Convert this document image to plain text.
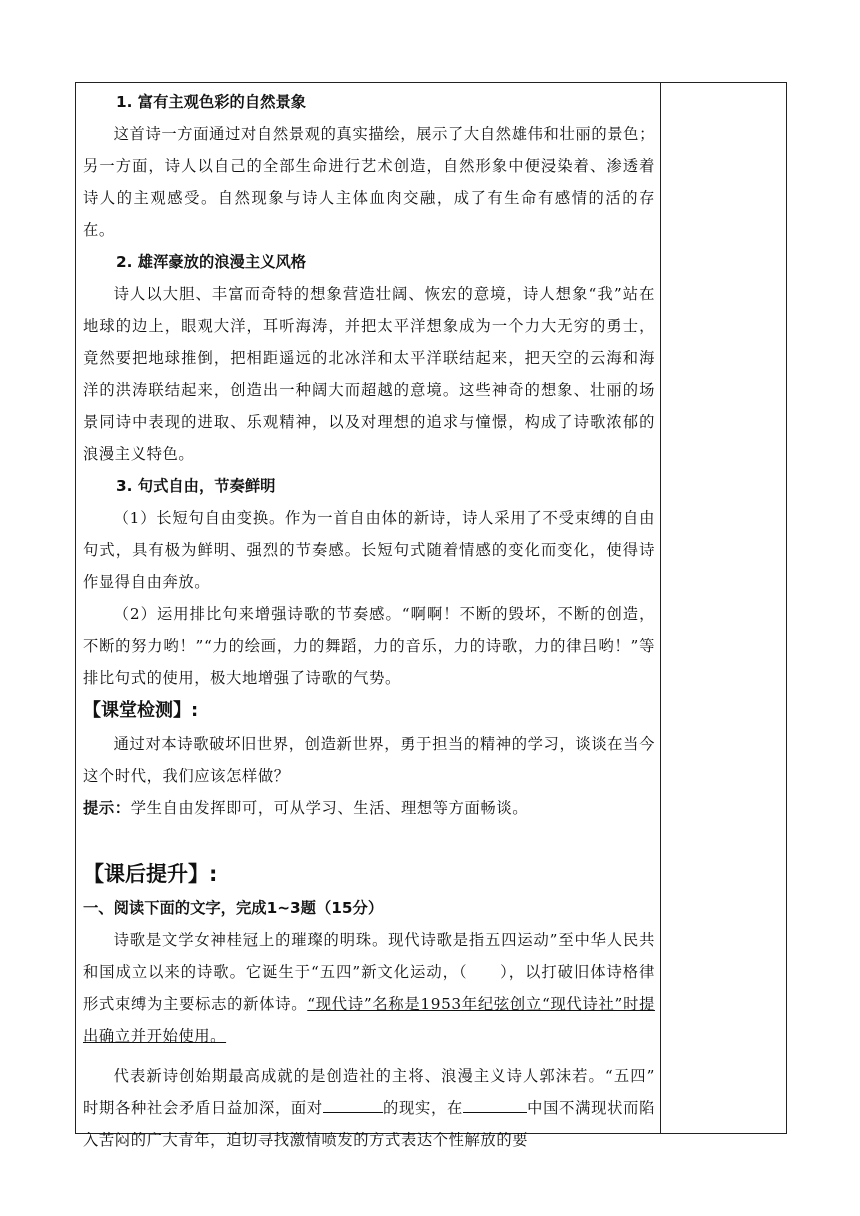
1. 富有主观色彩的自然景象

这首诗一方面通过对自然景观的真实描绘，展示了大自然雄伟和壮丽的景色；另一方面，诗人以自己的全部生命进行艺术创造，自然形象中便浸染着、渗透着诗人的主观感受。自然现象与诗人主体血肉交融，成了有生命有感情的活的存在。

2. 雄浑豪放的浪漫主义风格

诗人以大胆、丰富而奇特的想象营造壮阔、恢宏的意境，诗人想象“我”站在地球的边上，眼观大洋，耳听海涛，并把太平洋想象成为一个力大无穷的勇士，竟然要把地球推倒，把相距遥远的北冰洋和太平洋联结起来，把天空的云海和海洋的洪涛联结起来，创造出一种阔大而超越的意境。这些神奇的想象、壮丽的场景同诗中表现的进取、乐观精神，以及对理想的追求与憧憬，构成了诗歌浓郁的浪漫主义特色。

3. 句式自由，节奏鲜明

（1）长短句自由变换。作为一首自由体的新诗，诗人采用了不受束缚的自由句式，具有极为鲜明、强烈的节奏感。长短句式随着情感的变化而变化，使得诗作显得自由奔放。

（2）运用排比句来增强诗歌的节奏感。“啊啊！不断的毁坏，不断的创造，不断的努力哟！”“力的绘画，力的舞蹈，力的音乐，力的诗歌，力的律吕哟！”等排比句式的使用，极大地增强了诗歌的气势。

【课堂检测】:

通过对本诗歌破坏旧世界，创造新世界，勇于担当的精神的学习，谈谈在当今这个时代，我们应该怎样做？

提示：学生自由发挥即可，可从学习、生活、理想等方面畅谈。

【课后提升】:

一、阅读下面的文字，完成1~3题（15分）

诗歌是文学女神桂冠上的璀璨的明珠。现代诗歌是指五四运动”至中华人民共和国成立以来的诗歌。它诞生于“五四”新文化运动，（　　），以打破旧体诗格律形式束缚为主要标志的新体诗。“现代诗”名称是1953年纪弦创立“现代诗社”时提出确立并开始使用。

代表新诗创始期最高成就的是创造社的主将、浪漫主义诗人郭沫若。“五四” 时期各种社会矛盾日益加深，面对	的现实，在	中国不满现状而陷入苦闷的广大青年，迫切寻找激情喷发的方式表达个性解放的要
